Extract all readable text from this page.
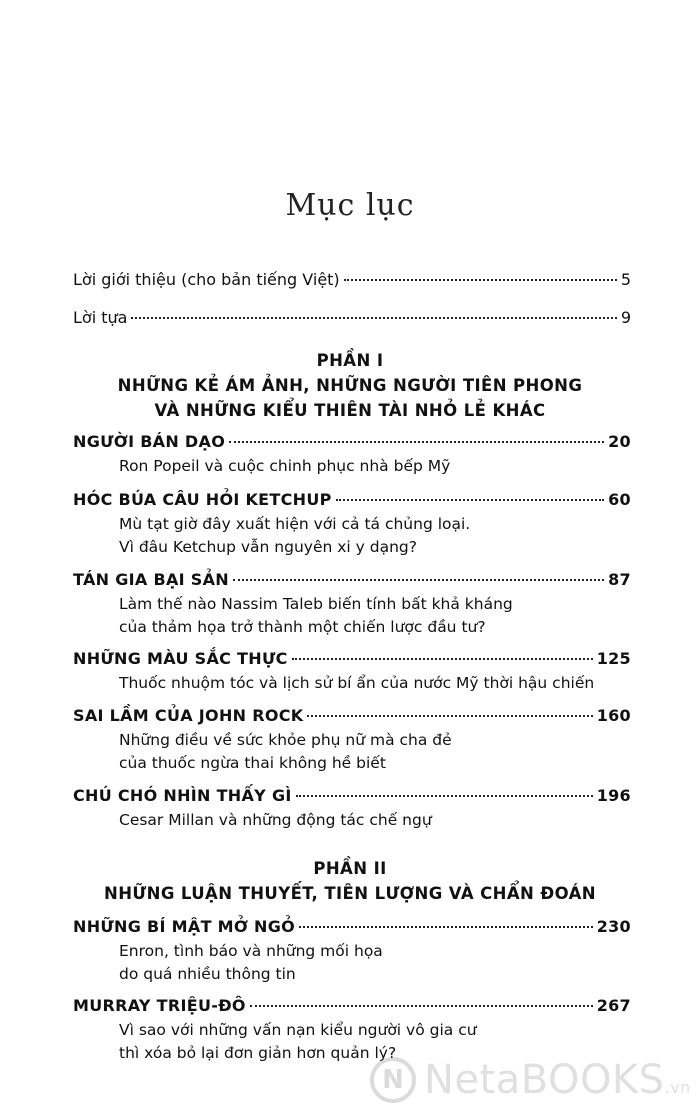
Mục lục
Lời giới thiệu (cho bản tiếng Việt)	5
Lời tựa	9
PHẦN I
NHỮNG KẺ ÁM ẢNH, NHỮNG NGƯỜI TIÊN PHONG
VÀ NHỮNG KIỂU THIÊN TÀI NHỎ LẺ KHÁC
NGƯỜI BÁN DẠO	20
Ron Popeil và cuộc chinh phục nhà bếp Mỹ
HÓC BÚA CÂU HỎI KETCHUP	60
Mù tạt giờ đây xuất hiện với cả tá chủng loại.
Vì đâu Ketchup vẫn nguyên xi y dạng?
TÁN GIA BẠI SẢN	87
Làm thế nào Nassim Taleb biến tính bất khả kháng
của thảm họa trở thành một chiến lược đầu tư?
NHỮNG MÀU SẮC THỰC	125
Thuốc nhuộm tóc và lịch sử bí ẩn của nước Mỹ thời hậu chiến
SAI LẦM CỦA JOHN ROCK	160
Những điều về sức khỏe phụ nữ mà cha đẻ
của thuốc ngừa thai không hề biết
CHÚ CHÓ NHÌN THẤY GÌ	196
Cesar Millan và những động tác chế ngự
PHẦN II
NHỮNG LUẬN THUYẾT, TIÊN LƯỢNG VÀ CHẨN ĐOÁN
NHỮNG BÍ MẬT MỞ NGỎ	230
Enron, tình báo và những mối họa
do quá nhiều thông tin
MURRAY TRIỆU-ĐÔ	267
Vì sao với những vấn nạn kiểu người vô gia cư
thì xóa bỏ lại đơn giản hơn quản lý?
N NetaBOOKS.vn
